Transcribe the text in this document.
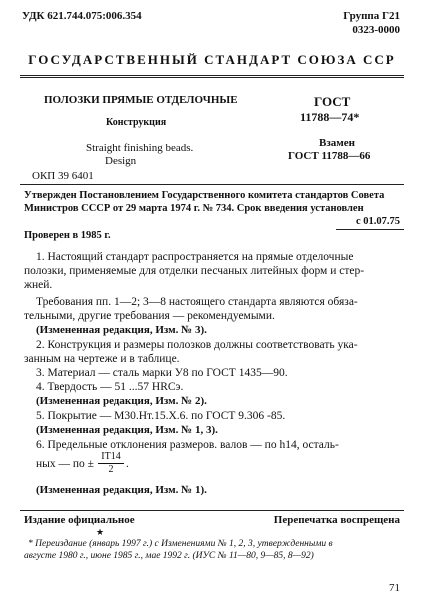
УДК 621.744.075:006.354	Группа Г21
0323-0000
ГОСУДАРСТВЕННЫЙ СТАНДАРТ СОЮЗА ССР
ПОЛОЗКИ ПРЯМЫЕ ОТДЕЛОЧНЫЕ
Конструкция
Straight finishing beads.
Design
ГОСТ
11788—74*
Взамен
ГОСТ 11788—66
ОКП 39 6401
Утвержден Постановлением Государственного комитета стандартов Совета
Министров СССР от 29 марта 1974 г. № 734. Срок введения установлен
с 01.07.75
Проверен в 1985 г.
1. Настоящий стандарт распространяется на прямые отделочные
полозки, применяемые для отделки песчаных литейных форм и стер-
жней.
Требования пп. 1—2; 3—8 настоящего стандарта являются обяза-
тельными, другие требования — рекомендуемыми.
(Измененная редакция, Изм. № 3).
2. Конструкция и размеры полозков должны соответствовать ука-
занным на чертеже и в таблице.
3. Материал — сталь марки У8 по ГОСТ 1435—90.
4. Твердость — 51 ...57 HRCэ.
(Измененная редакция, Изм. № 2).
5. Покрытие — М30.Нт.15.Х.6. по ГОСТ 9.306 -85.
(Измененная редакция, Изм. № 1, 3).
6. Предельные отклонения размеров. валов — по h14, осталь-
ных — по ±
IT14
2	.
(Измененная редакция, Изм. № 1).
Издание официальное	Перепечатка воспрещена
★
* Переиздание (январь 1997 г.) с Изменениями № 1, 2, 3, утвержденными в
августе 1980 г., июне 1985 г., мае 1992 г. (ИУС № 11—80, 9—85, 8—92)
71
